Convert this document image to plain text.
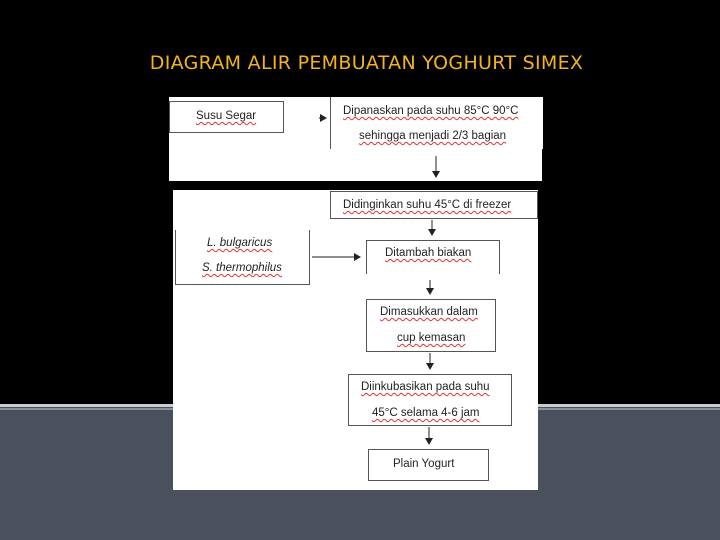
DIAGRAM ALIR PEMBUATAN YOGHURT SIMEX
Susu Segar	Dipanaskan pada suhu 85°C 90°C
sehingga menjadi 2/3 bagian
Didinginkan suhu 45°C di freezer
L. bulgaricus
S. thermophilus
Ditambah biakan
Dimasukkan dalam
cup kemasan
Diinkubasikan pada suhu
45°C selama 4-6 jam
Plain Yogurt
